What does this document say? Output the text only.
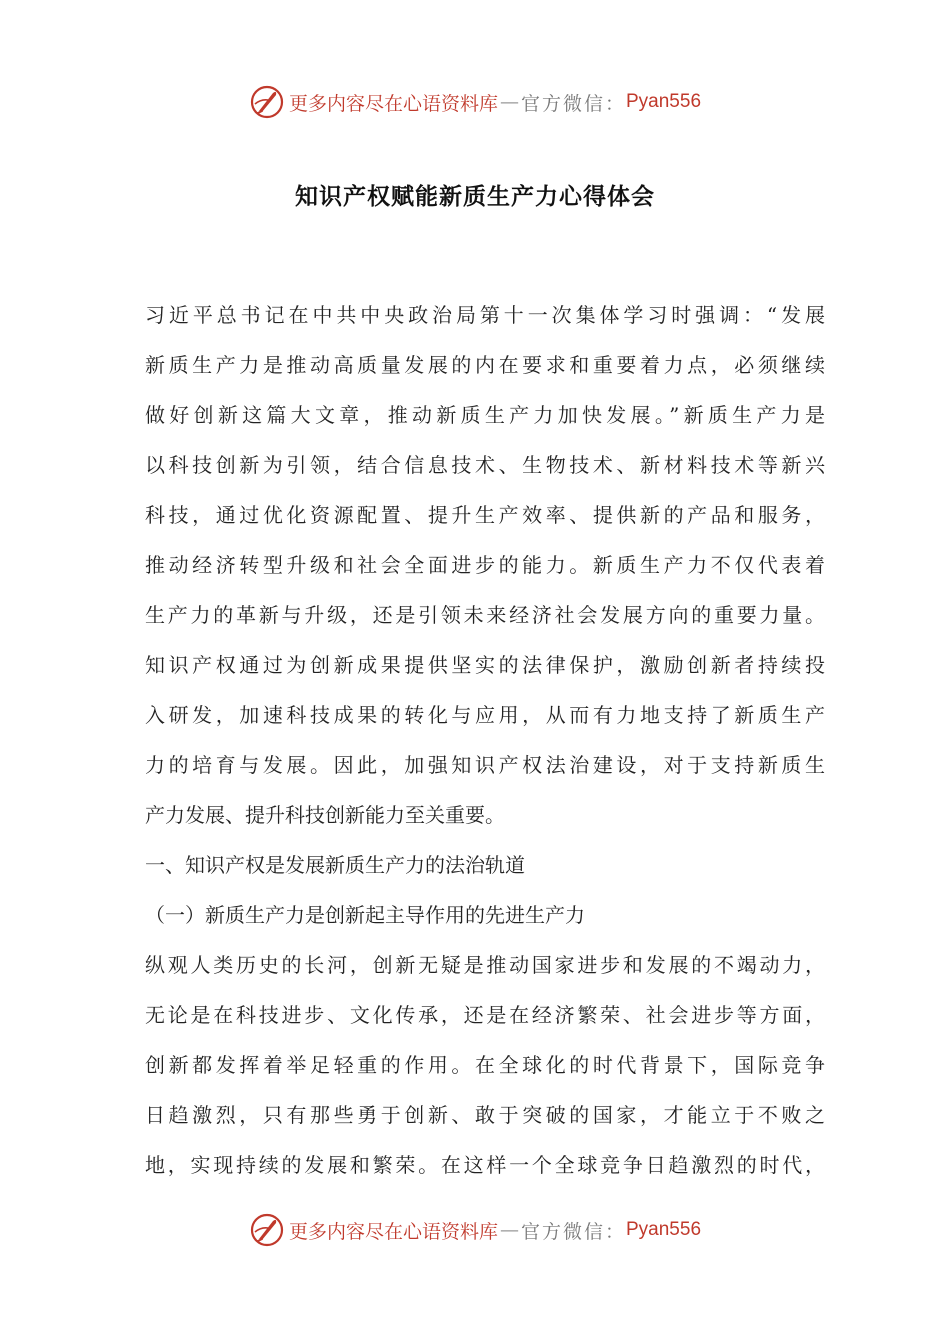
更多内容尽在心语资料库 — 官方微信： Pyan556
知识产权赋能新质生产力心得体会
习近平总书记在中共中央政治局第十一次集体学习时强调：“发展
新质生产力是推动高质量发展的内在要求和重要着力点，必须继续
做好创新这篇大文章，推动新质生产力加快发展。”新质生产力是
以科技创新为引领，结合信息技术、生物技术、新材料技术等新兴
科技，通过优化资源配置、提升生产效率、提供新的产品和服务，
推动经济转型升级和社会全面进步的能力。新质生产力不仅代表着
生产力的革新与升级，还是引领未来经济社会发展方向的重要力量。
知识产权通过为创新成果提供坚实的法律保护，激励创新者持续投
入研发，加速科技成果的转化与应用，从而有力地支持了新质生产
力的培育与发展。因此，加强知识产权法治建设，对于支持新质生
产力发展、提升科技创新能力至关重要。
一、知识产权是发展新质生产力的法治轨道
（一）新质生产力是创新起主导作用的先进生产力
纵观人类历史的长河，创新无疑是推动国家进步和发展的不竭动力，
无论是在科技进步、文化传承，还是在经济繁荣、社会进步等方面，
创新都发挥着举足轻重的作用。在全球化的时代背景下，国际竞争
日趋激烈，只有那些勇于创新、敢于突破的国家，才能立于不败之
地，实现持续的发展和繁荣。在这样一个全球竞争日趋激烈的时代，
更多内容尽在心语资料库 — 官方微信： Pyan556
